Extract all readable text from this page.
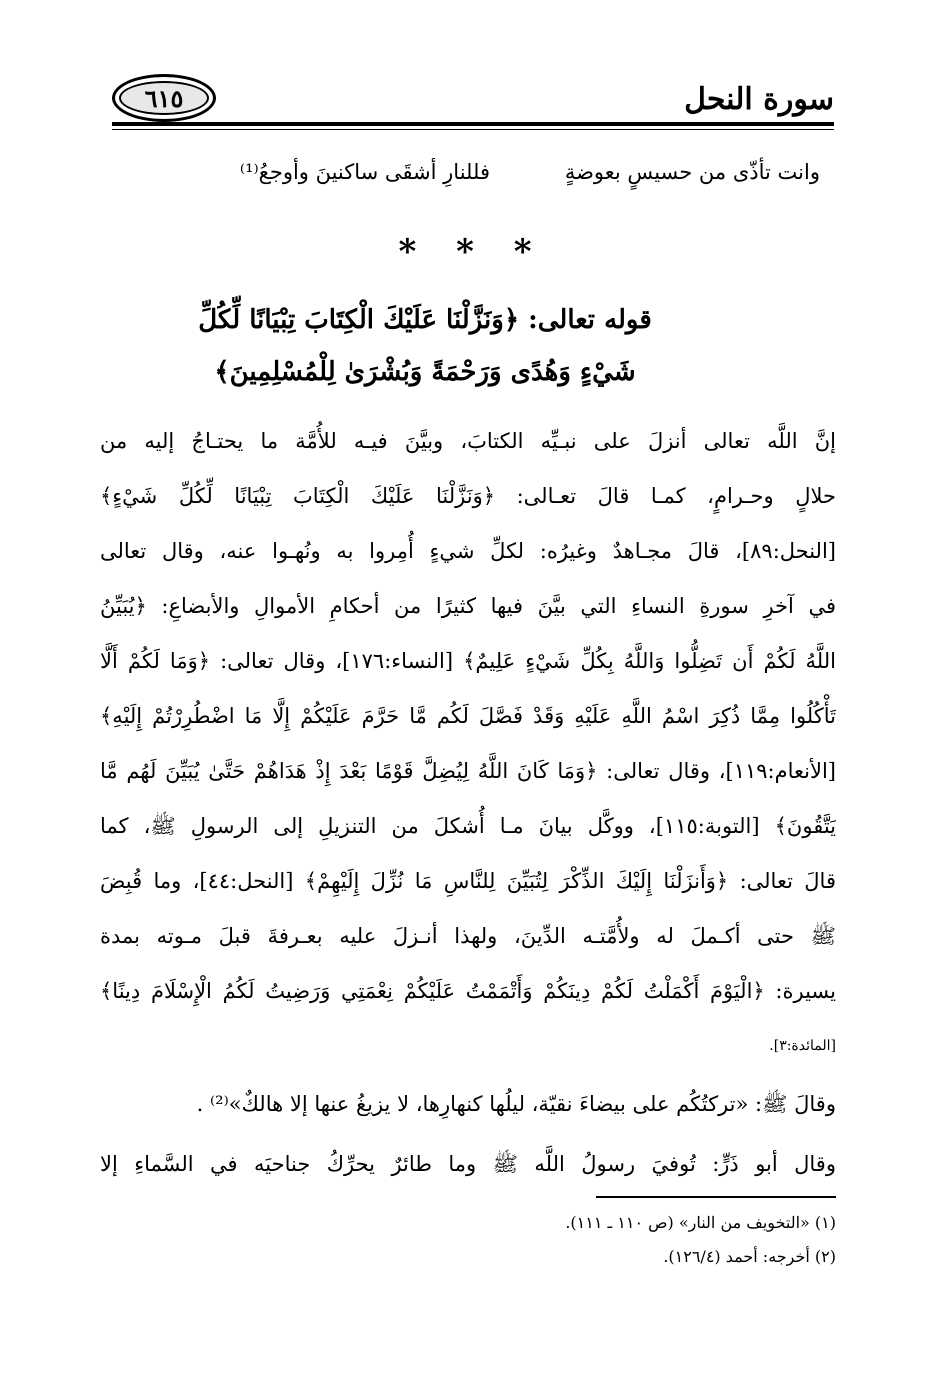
٦١٥	سورة النحل
وانت تأذّى من حسيسٍ بعوضةٍ
فللنارِ أشقَى ساكنينَ وأوجعُ⁽¹⁾
* * *
قوله تعالى: ﴿وَنَزَّلْنَا عَلَيْكَ الْكِتَابَ تِبْيَانًا لِّكُلِّ
شَيْءٍ وَهُدًى وَرَحْمَةً وَبُشْرَىٰ لِلْمُسْلِمِينَ﴾
إنَّ اللَّه تعالى أنزلَ على نبـيِّه الكتابَ، وبيَّنَ فيـه للأُمَّة ما يحتـاجُ إليه من
حلالٍ وحـرامٍ، كمـا قالَ تعـالى: ﴿وَنَزَّلْنَا عَلَيْكَ الْكِتَابَ تِبْيَانًا لِّكُلِّ شَيْءٍ﴾
[النحل:٨٩]، قالَ مجـاهدٌ وغيرُه: لكلِّ شيءٍ أُمِروا به ونُهـوا عنه، وقال تعالى
في آخرِ سورةِ النساءِ التي بيَّنَ فيها كثيرًا من أحكامِ الأموالِ والأبضاعِ: ﴿يُبَيِّنُ
اللَّهُ لَكُمْ أَن تَضِلُّوا وَاللَّهُ بِكُلِّ شَيْءٍ عَلِيمٌ﴾ [النساء:١٧٦]، وقال تعالى: ﴿وَمَا لَكُمْ أَلَّا
تَأْكُلُوا مِمَّا ذُكِرَ اسْمُ اللَّهِ عَلَيْهِ وَقَدْ فَصَّلَ لَكُم مَّا حَرَّمَ عَلَيْكُمْ إِلَّا مَا اضْطُرِرْتُمْ إِلَيْهِ﴾
[الأنعام:١١٩]، وقال تعالى: ﴿وَمَا كَانَ اللَّهُ لِيُضِلَّ قَوْمًا بَعْدَ إِذْ هَدَاهُمْ حَتَّىٰ يُبَيِّنَ لَهُم مَّا
يَتَّقُونَ﴾ [التوبة:١١٥]، ووكَّل بيانَ مـا أُشكلَ من التنزيلِ إلى الرسولِ ﷺ، كما
قالَ تعالى: ﴿وَأَنزَلْنَا إِلَيْكَ الذِّكْرَ لِتُبَيِّنَ لِلنَّاسِ مَا نُزِّلَ إِلَيْهِمْ﴾ [النحل:٤٤]، وما قُبِضَ
ﷺ حتى أكـملَ له ولأُمَّتـه الدِّينَ، ولهذا أنـزلَ عليه بعـرفةَ قبلَ مـوته بمدة
يسيرة: ﴿الْيَوْمَ أَكْمَلْتُ لَكُمْ دِينَكُمْ وَأَتْمَمْتُ عَلَيْكُمْ نِعْمَتِي وَرَضِيتُ لَكُمُ الْإِسْلَامَ دِينًا﴾
[المائدة:٣].
وقالَ ﷺ: «تركتُكُم على بيضاءَ نقيّة، ليلُها كنهارِها، لا يزيغُ عنها إلا هالكٌ»⁽²⁾ .
وقال أبو ذَرٍّ: تُوفيَ رسولُ اللَّه ﷺ وما طائرٌ يحرِّكُ جناحيَه في السَّماءِ إلا
(١) «التخويف من النار» (ص ١١٠ ـ ١١١).
(٢) أخرجه: أحمد (١٢٦/٤).
